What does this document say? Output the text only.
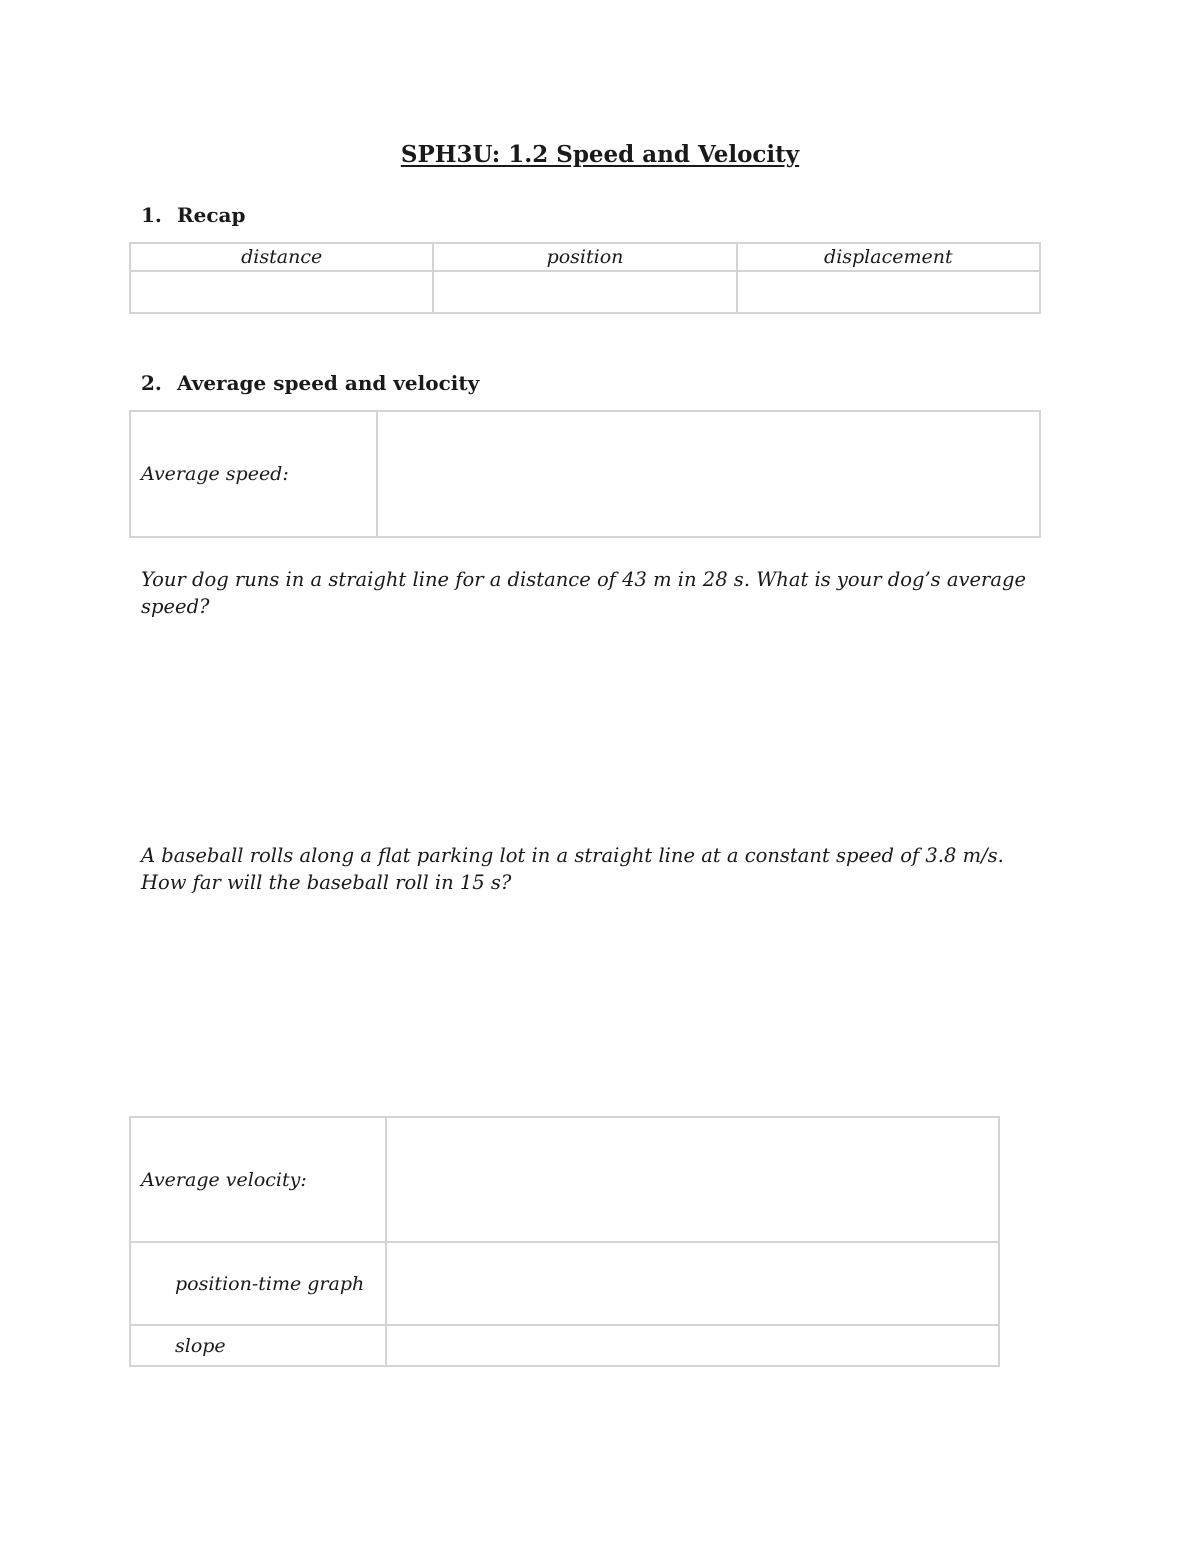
SPH3U: 1.2 Speed and Velocity
1. Recap
distance	position	displacement

2. Average speed and velocity
Average speed:	
Your dog runs in a straight line for a distance of 43 m in 28 s. What is your dog’s average speed?
A baseball rolls along a flat parking lot in a straight line at a constant speed of 3.8 m/s. How far will the baseball roll in 15 s?
Average velocity:	
position-time graph	
slope	
